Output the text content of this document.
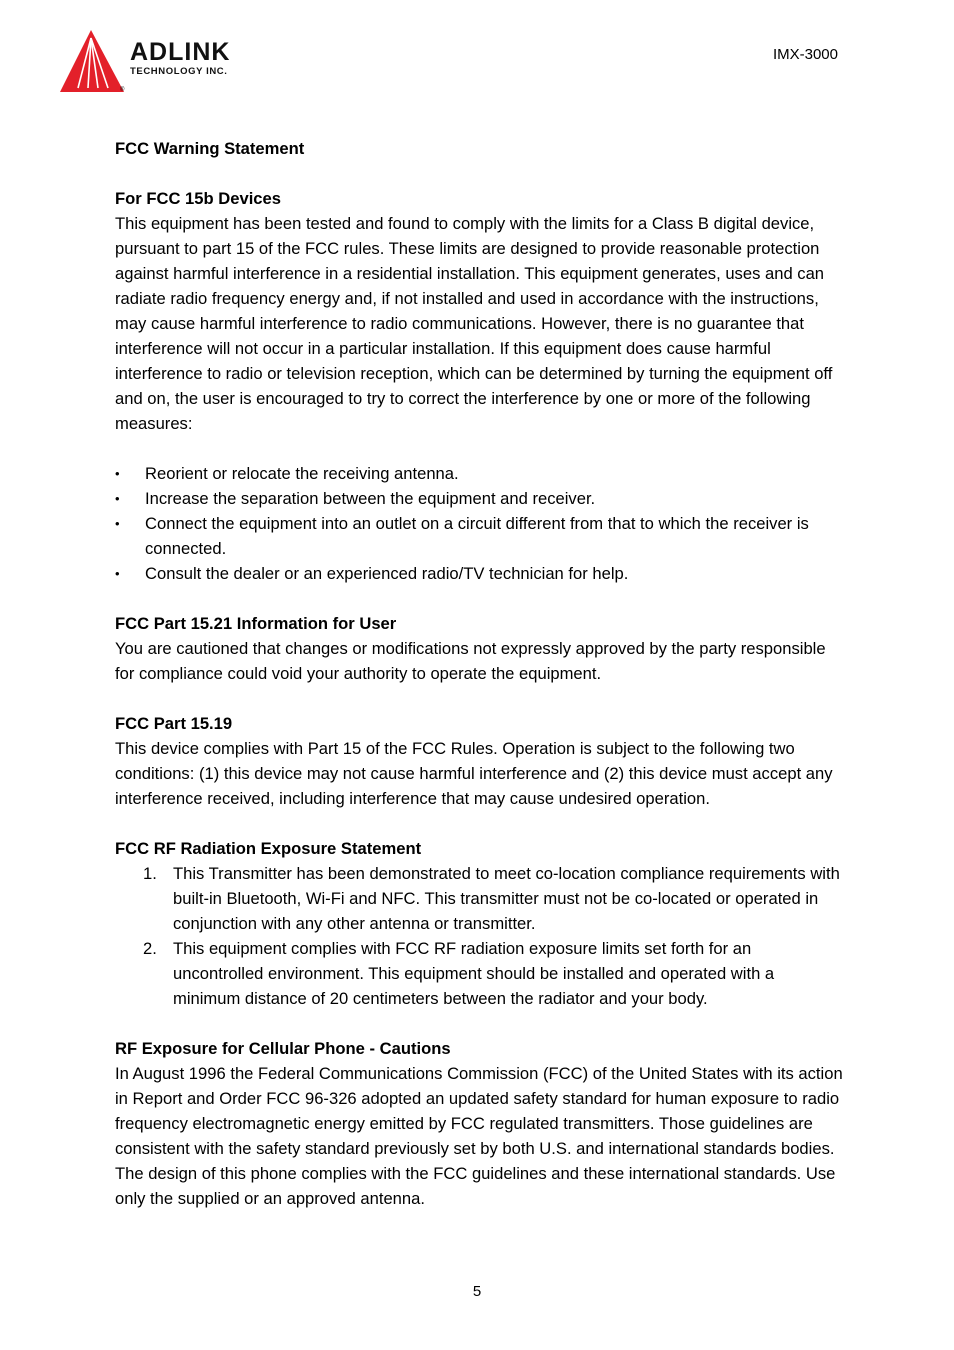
®
ADLINK
TECHNOLOGY INC.
IMX-3000

FCC Warning Statement

For FCC 15b Devices

This equipment has been tested and found to comply with the limits for a Class B digital device, pursuant to part 15 of the FCC rules. These limits are designed to provide reasonable protection against harmful interference in a residential installation. This equipment generates, uses and can radiate radio frequency energy and, if not installed and used in accordance with the instructions, may cause harmful interference to radio communications. However, there is no guarantee that interference will not occur in a particular installation. If this equipment does cause harmful interference to radio or television reception, which can be determined by turning the equipment off and on, the user is encouraged to try to correct the interference by one or more of the following measures:

• Reorient or relocate the receiving antenna.
• Increase the separation between the equipment and receiver.
• Connect the equipment into an outlet on a circuit different from that to which the receiver is connected.
• Consult the dealer or an experienced radio/TV technician for help.

FCC Part 15.21 Information for User

You are cautioned that changes or modifications not expressly approved by the party responsible for compliance could void your authority to operate the equipment.

FCC Part 15.19

This device complies with Part 15 of the FCC Rules. Operation is subject to the following two conditions: (1) this device may not cause harmful interference and (2) this device must accept any interference received, including interference that may cause undesired operation.

FCC RF Radiation Exposure Statement

1. This Transmitter has been demonstrated to meet co-location compliance requirements with built-in Bluetooth, Wi-Fi and NFC. This transmitter must not be co-located or operated in conjunction with any other antenna or transmitter.
2. This equipment complies with FCC RF radiation exposure limits set forth for an uncontrolled environment. This equipment should be installed and operated with a minimum distance of 20 centimeters between the radiator and your body.

RF Exposure for Cellular Phone - Cautions

In August 1996 the Federal Communications Commission (FCC) of the United States with its action in Report and Order FCC 96-326 adopted an updated safety standard for human exposure to radio frequency electromagnetic energy emitted by FCC regulated transmitters. Those guidelines are consistent with the safety standard previously set by both U.S. and international standards bodies. The design of this phone complies with the FCC guidelines and these international standards. Use only the supplied or an approved antenna.

5
